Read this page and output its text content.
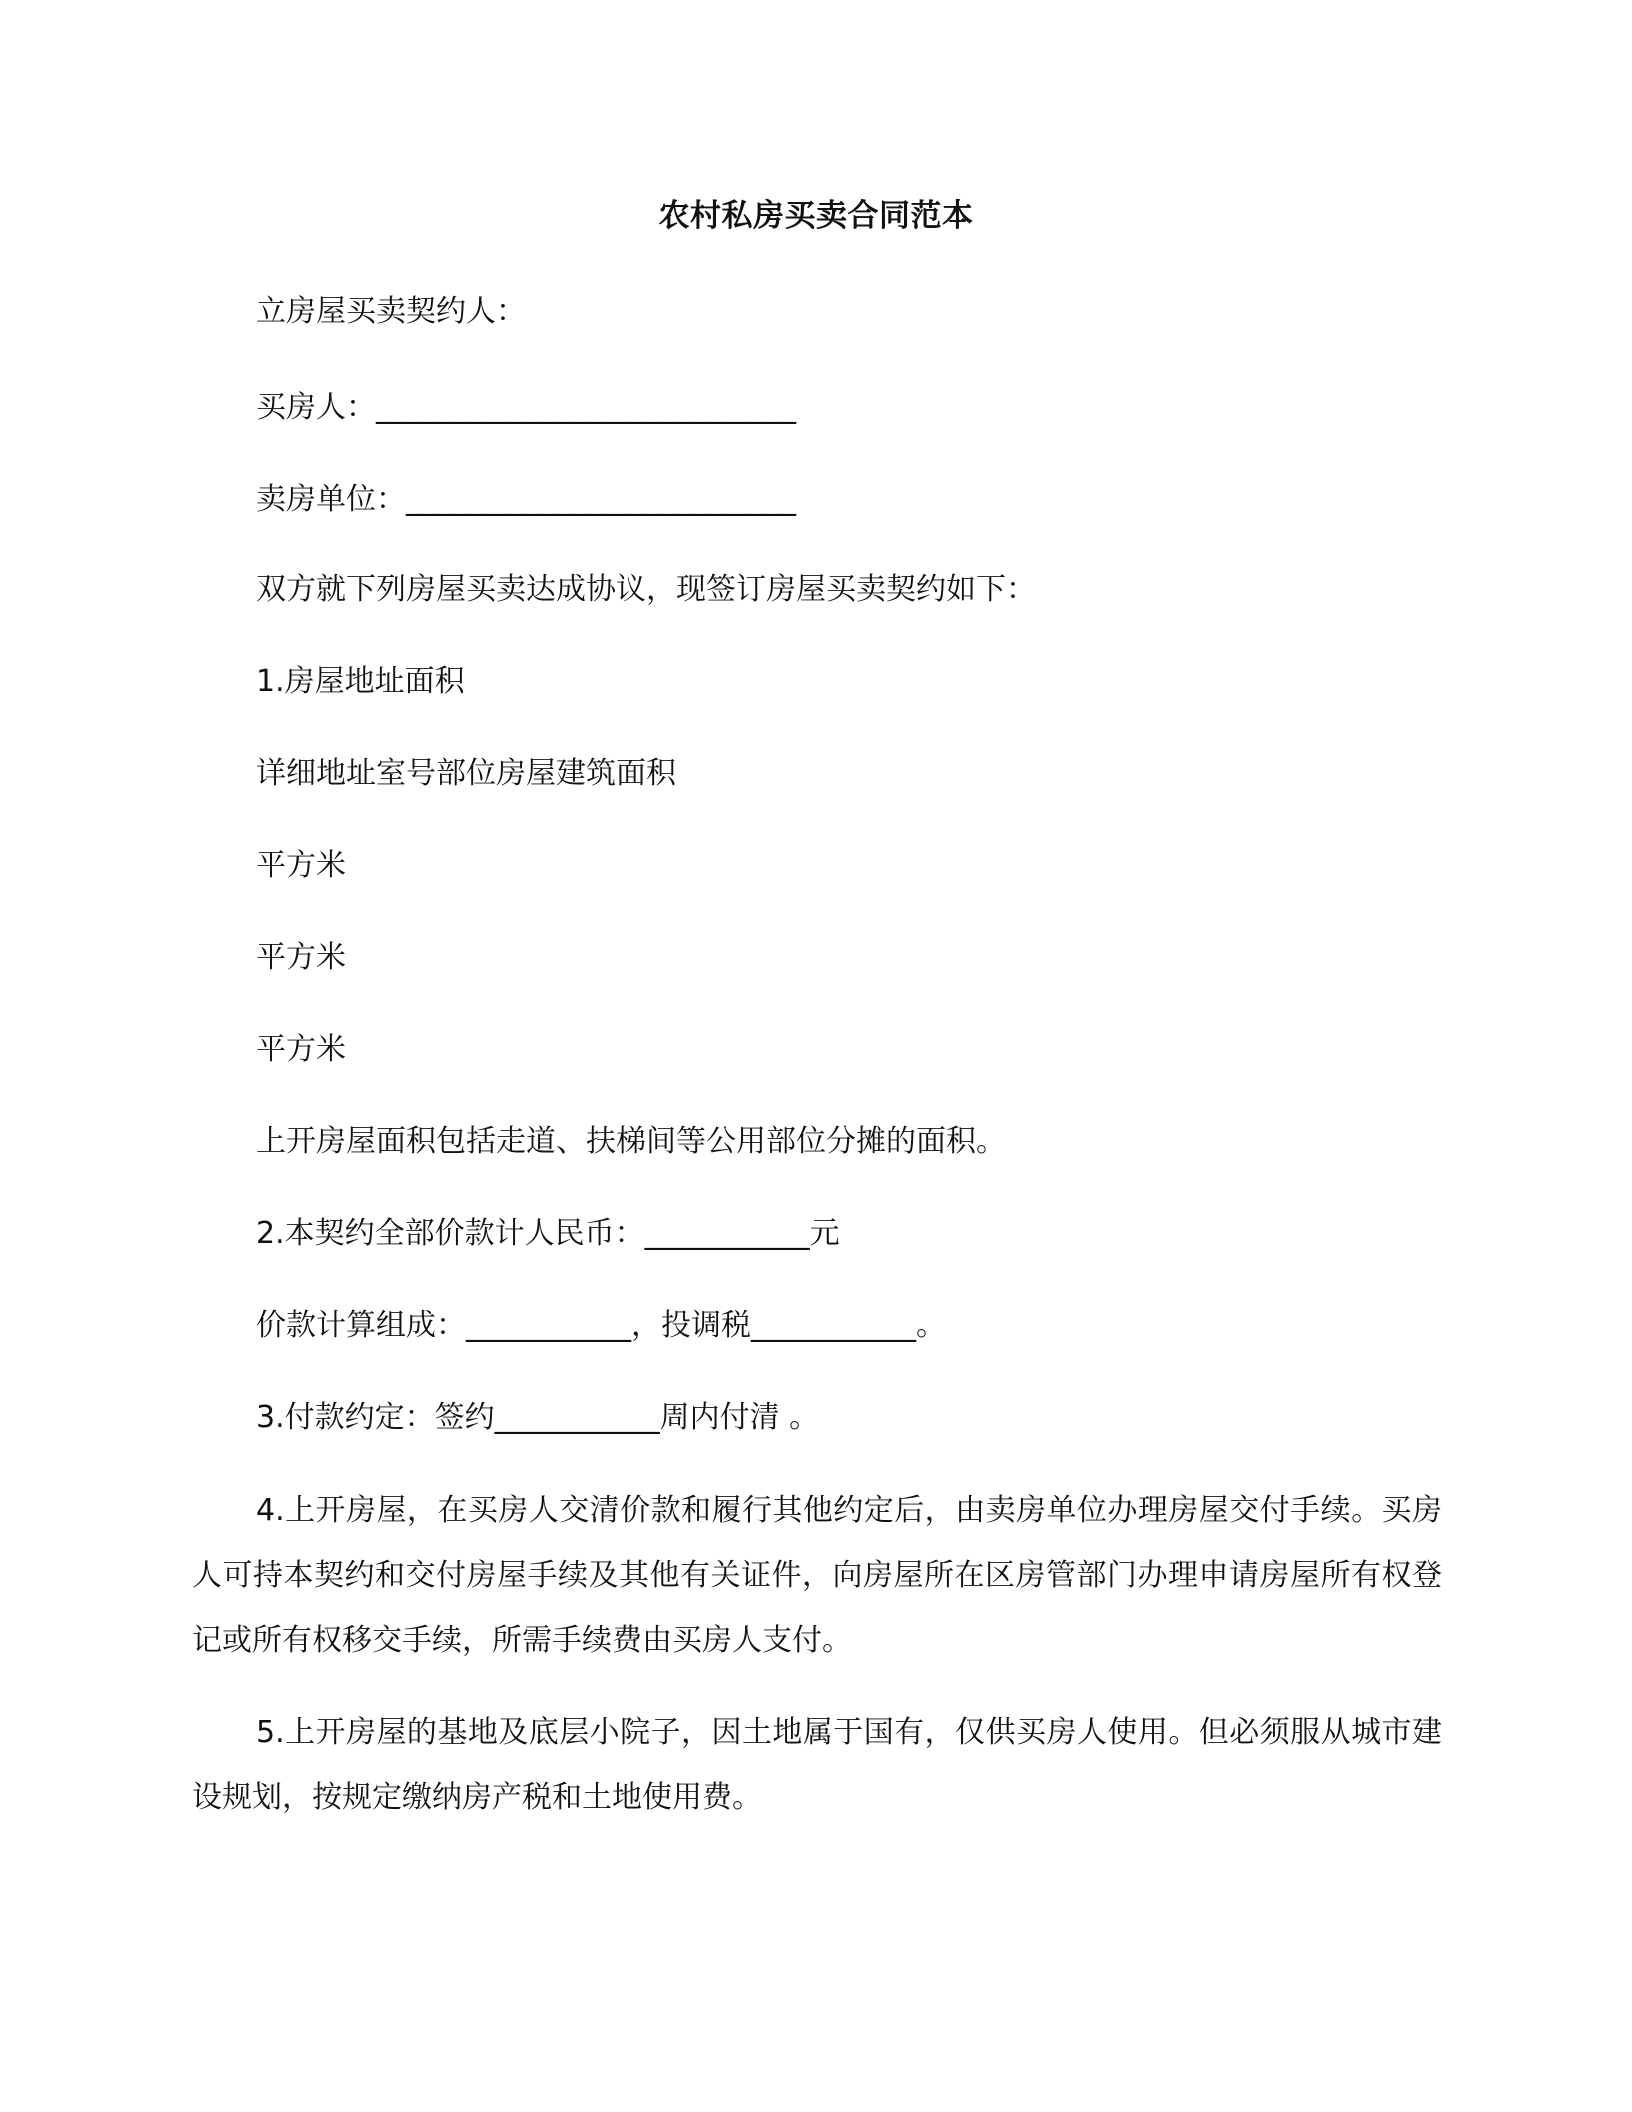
农村私房买卖合同范本
立房屋买卖契约人：
买房人：____________________________
卖房单位：__________________________
双方就下列房屋买卖达成协议，现签订房屋买卖契约如下：
1.房屋地址面积
详细地址室号部位房屋建筑面积
平方米
平方米
平方米
上开房屋面积包括走道、扶梯间等公用部位分摊的面积。
2.本契约全部价款计人民币：___________元
价款计算组成：___________，投调税___________。
3.付款约定：签约___________周内付清 。
4.上开房屋，在买房人交清价款和履行其他约定后，由卖房单位办理房屋交付手续。买房人可持本契约和交付房屋手续及其他有关证件，向房屋所在区房管部门办理申请房屋所有权登记或所有权移交手续，所需手续费由买房人支付。
5.上开房屋的基地及底层小院子，因土地属于国有，仅供买房人使用。但必须服从城市建设规划，按规定缴纳房产税和土地使用费。
